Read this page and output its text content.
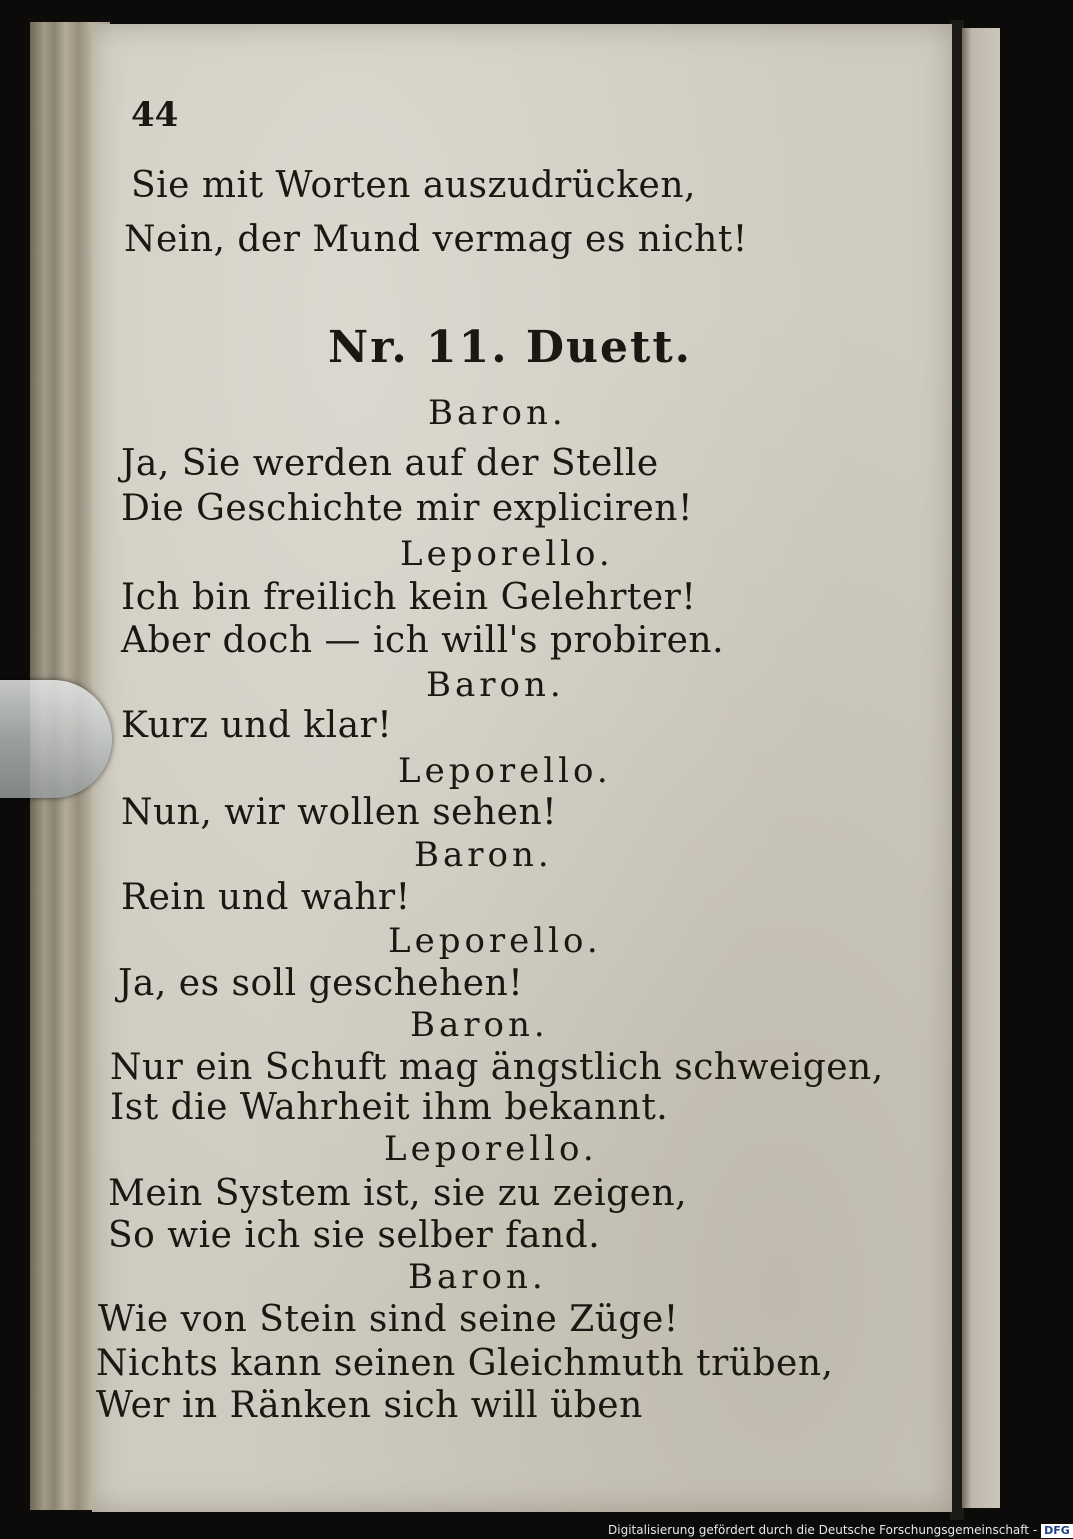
44

Sie mit Worten auszudrücken,

Nein, der Mund vermag es nicht!

Nr. 11. Duett.

Baron.

Ja, Sie werden auf der Stelle

Die Geschichte mir expliciren!

Leporello.

Ich bin freilich kein Gelehrter!

Aber doch — ich will's probiren.

Baron.

Kurz und klar!

Leporello.

Nun, wir wollen sehen!

Baron.

Rein und wahr!

Leporello.

Ja, es soll geschehen!

Baron.

Nur ein Schuft mag ängstlich schweigen,

Ist die Wahrheit ihm bekannt.

Leporello.

Mein System ist, sie zu zeigen,

So wie ich sie selber fand.

Baron.

Wie von Stein sind seine Züge!

Nichts kann seinen Gleichmuth trüben,

Wer in Ränken sich will üben

Digitalisierung gefördert durch die Deutsche Forschungsgemeinschaft - DFG
